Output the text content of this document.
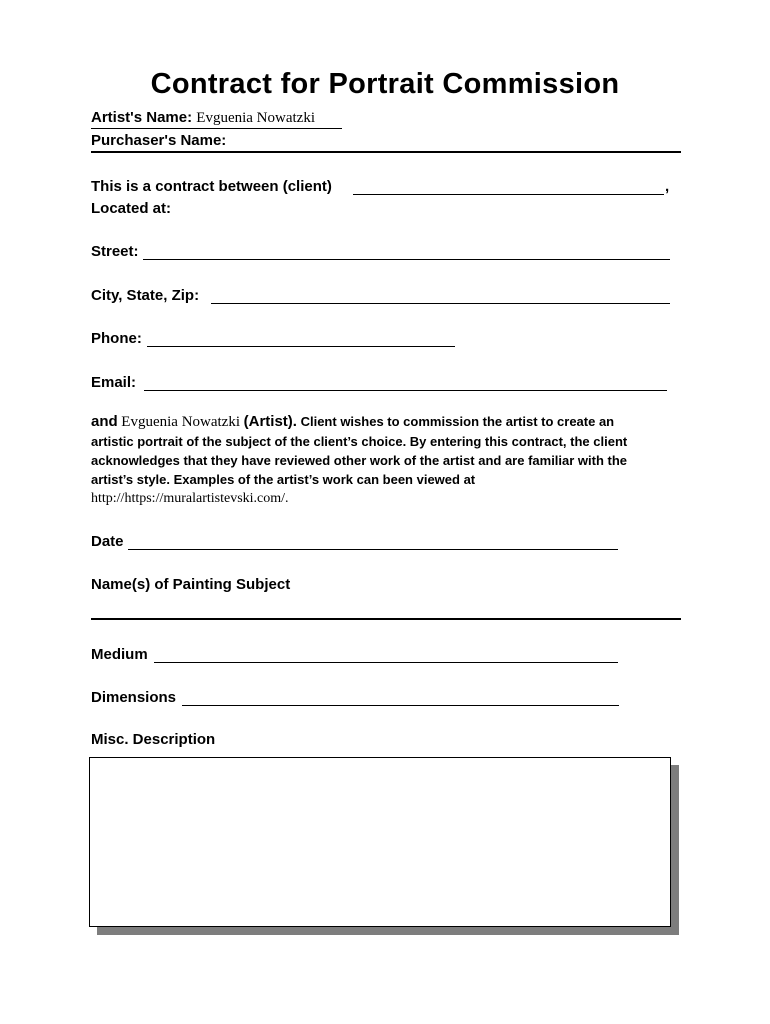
Contract for Portrait Commission
Artist's Name: Evguenia Nowatzki
Purchaser's Name:
This is a contract between (client)	,
Located at:
Street:
City, State, Zip:
Phone:
Email:
and Evguenia Nowatzki (Artist). Client wishes to commission the artist to create an
artistic portrait of the subject of the client’s choice. By entering this contract, the client
acknowledges that they have reviewed other work of the artist and are familiar with the
artist’s style. Examples of the artist’s work can been viewed at
http://https://muralartistevski.com/.
Date
Name(s) of Painting Subject
Medium
Dimensions
Misc. Description
